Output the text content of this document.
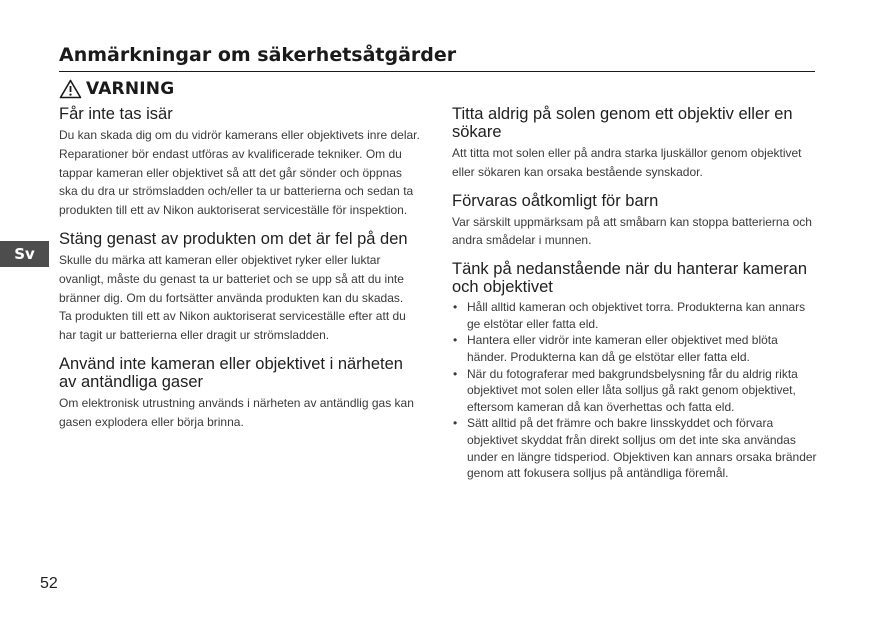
Anmärkningar om säkerhetsåtgärder
VARNING
Sv
Får inte tas isär

Du kan skada dig om du vidrör kamerans eller objektivets inre delar. Reparationer bör endast utföras av kvalificerade tekniker. Om du tappar kameran eller objektivet så att det går sönder och öppnas ska du dra ur strömsladden och/eller ta ur batterierna och sedan ta produkten till ett av Nikon auktoriserat serviceställe för inspektion.

Stäng genast av produkten om det är fel på den

Skulle du märka att kameran eller objektivet ryker eller luktar ovanligt, måste du genast ta ur batteriet och se upp så att du inte bränner dig. Om du fortsätter använda produkten kan du skadas.
Ta produkten till ett av Nikon auktoriserat serviceställe efter att du har tagit ur batterierna eller dragit ur strömsladden.

Använd inte kameran eller objektivet i närheten av antändliga gaser

Om elektronisk utrustning används i närheten av antändlig gas kan gasen explodera eller börja brinna.

Titta aldrig på solen genom ett objektiv eller en sökare

Att titta mot solen eller på andra starka ljuskällor genom objektivet eller sökaren kan orsaka bestående synskador.

Förvaras oåtkomligt för barn

Var särskilt uppmärksam på att småbarn kan stoppa batterierna och andra smådelar i munnen.

Tänk på nedanstående när du hanterar kameran och objektivet
• Håll alltid kameran och objektivet torra. Produkterna kan annars ge elstötar eller fatta eld.
• Hantera eller vidrör inte kameran eller objektivet med blöta händer. Produkterna kan då ge elstötar eller fatta eld.
• När du fotograferar med bakgrundsbelysning får du aldrig rikta objektivet mot solen eller låta solljus gå rakt genom objektivet, eftersom kameran då kan överhettas och fatta eld.
• Sätt alltid på det främre och bakre linsskyddet och förvara objektivet skyddat från direkt solljus om det inte ska användas under en längre tidsperiod. Objektiven kan annars orsaka bränder genom att fokusera solljus på antändliga föremål.
52
